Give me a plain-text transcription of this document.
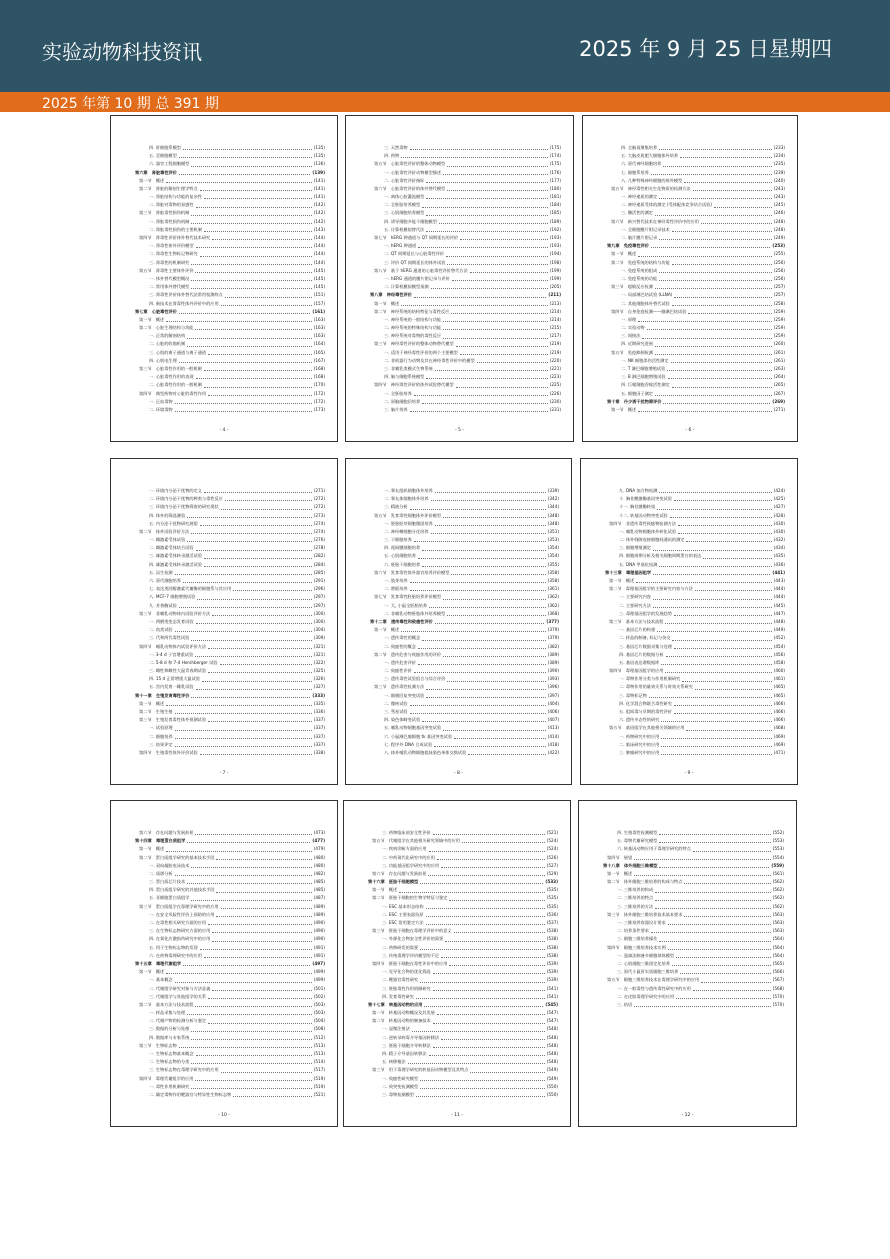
实验动物科技资讯	2025 年 9 月 25 日星期四
2025 年第 10 期 总 391 期
四. 肝细胞系模型	(135)
五. 至细胞模型	(135)
六. 器官工程细胞模型	(136)
第六章　肾脏毒性评价	(139)
第一节　概述	(141)
第二节　肾脏的解剖生理学特点	(141)
一. 肾脏结构与功能的复杂性	(141)
二. 肾脏对毒物的易感性	(142)
第三节　肾脏毒性损伤机制	(142)
一. 肾脏毒性损伤机制	(142)
二. 肾脏毒性损伤的主要机制	(143)
第四节　肾毒性评价体外替代技术研究	(144)
一. 肾毒性体外评价模型	(144)
二. 肾毒性生物标记物研究	(144)
三. 肾毒性的机制研究	(144)
第五节　肾毒性主要体外评价	(145)
一. 体外替代模型概况	(145)
二. 常用体外替代模型	(145)
三. 肾毒性评价体外替代法常用检测终点	(151)
四. 新技术在肾毒性体外评价中的应用	(157)
第七章　心脏毒性评价	(161)
第一节　概述	(163)
第二节　心脏生理结构与功能	(163)
一. 正常的解剖结构	(163)
二. 心脏的收缩机制	(164)
三. 心肌的离子通道与离子通道	(165)
四. 心肌电生理	(167)
第三节　心脏毒性作用的一般机制	(168)
一. 心脏毒性作用的表现	(168)
二. 心脏毒性作用的一般机制	(170)
第四节　典型药物对心脏的毒性作用	(172)
一. 正血毒物	(172)
二. 环境毒物	(173)
- 4 -
三. 天然毒物	(175)
四. 药物	(174)
第五节　心脏毒性评价的整体动物模型	(175)
一. 心脏毒性评价动物模型描述	(176)
二. 心脏毒性评价指标	(177)
第六节　心脏毒性评价的体外替代模型	(180)
一. 离体心脏灌流模型	(181)
二. 全胚胎培养模型	(184)
三. 心肌细胞培养模型	(185)
四. 诱导细胞多能干细胞模型	(189)
五. 计算机模拟替代法	(192)
第七节　hERG 钾通道与 QT 间期延长的评价	(193)
一. hERG 钾通道	(193)
二. QT 间期延长与心脏毒性评价	(194)
三. 评价 QT 间期延长的体外试验	(198)
第八节　基于 hERG 通道的心脏毒性评价替代方法	(199)
一. hERG 通道的膜片钳记录与评价	(199)
二. 计算机模拟模型预测	(205)
第八章　神经毒性评价	(211)
第一节　概述	(213)
第二节　神经系统的结构特征与毒性反应	(214)
一. 神经系统的一般结构与功能	(214)
二. 神经系统的特殊结构与功能	(215)
三. 神经系统对毒物的毒性反应	(217)
第三节　神经毒性评价的整体动物替代模型	(219)
一. 适用于神经毒性评价的两个主要模型	(219)
二. 非机器行为动物及其在神经毒性评价中的模型	(220)
三. 非哺乳类模式生物系统	(221)
四. 脑与细胞系统模型	(223)
第四节　神经毒性评价的体外试验替代模型	(225)
一. 全胚胎培养	(226)
二. 原脑细胞层培养	(230)
三. 脑片培养	(231)
- 5 -
四. 全脑再聚集培养	(233)
五. 大脑皮质肥大细胞体外培养	(234)
六. 原代神经细胞培养	(235)
七. 细胞系培养	(239)
八. 几种特殊神经细胞的体外模型	(240)
第五节　神经毒性相关生化物质的检测方法	(243)
一. 神经递质的测定	(243)
二. 神经递质受体的测定 (受体配体竞争结合试验)	(245)
三. 酶活性的测定	(246)
第六节　新兴替代技术在神经毒性评价中的应用	(248)
一. 全细胞膜片钳记录技术	(248)
二. 脑片膜片钳记录	(249)
第九章　免疫毒性评价	(253)
第一节　概述	(255)
第二节　免疫系统的结构与功能	(256)
一. 免疫系统的组成	(256)
二. 免疫系统的功能	(256)
第三节　超敏反应检测	(257)
一. 局部淋巴结试验 (LLNA)	(257)
二. 其他细胞体外替代试验	(258)
第四节　自身免疫检测——腘淋巴结试验	(259)
一. 原理	(259)
二. 实验动物	(259)
三. 间接法	(259)
四. 近期研究进展	(260)
第五节　免疫抑制检测	(261)
一. NK 细胞杀伤活性测定	(261)
二. T 淋巴细胞增殖试验	(263)
三. B 淋巴细胞增殖试验	(264)
四. 巨噬细胞吞噬活性测定	(265)
五. 细胞因子测定	(267)
第十章　丹少诱干扰物筛评价	(269)
第一节　概述	(271)
- 6 -
一. 环境内分泌干扰物的定义	(271)
二. 环境内分泌干扰物的种类与毒性反应	(272)
三. 环境内分泌干扰物筛查的研究现状	(272)
四. 体外的筛选测验	(273)
五. 内分泌干扰物研究展望	(274)
第二节　体外试验评价方法	(274)
一. 雌激素受体试验	(276)
二. 雌激素受体结合试验	(278)
三. 雄激素受体转录激活试验	(282)
四. 雄激素受体转录激活试验	(284)
五. 甾生检测	(285)
六. 原代细胞培养	(291)
七. 表达类固醇激素代谢酶的细胞系与其应用	(296)
八. MCF-7 细胞增殖试验	(297)
九. 芳香酶试验	(297)
第三节　非哺乳动物体内试验评价方法	(300)
一. 两栖类变态发育试验	(300)
二. 鱼类试验	(304)
三. 代和两代毒性试验	(309)
第四节　哺乳动物体内试验评价方法	(321)
一. 3-4 d 子宫增重试验	(321)
二. 5-8 d 和 7-4 Hershberger 试验	(322)
三. 雌性和雌性大鼠青春期试验	(325)
四. 15 d 正常增重大鼠试验	(326)
五. 宫内发育一雌乳试验	(327)
第十一章　生殖发育毒性评价	(333)
第一节　概述	(335)
第二节　生殖生殖	(336)
第三节　生殖发育毒性体外预测试验	(337)
一. 试验原理	(337)
二. 细胞培养	(337)
三. 结果评定	(337)
第四节　生殖毒性体外评价试验	(338)
- 7 -
一. 睾丸组织细胞体外培养	(339)
二. 睾丸体细胞体外培养	(342)
三. 精液分析	(344)
第五节　发育毒性细胞体外评价模型	(348)
一. 胚胎胚芽细胞微团培养	(348)
二. 神经嵴细胞分化培养	(351)
三. 干细胞培养	(353)
四. 视网膜细胞培养	(354)
五. 心肌细胞培养	(354)
六. 胚胎干细胞培养	(355)
第六节　发育毒性体外器官培养评价模型	(358)
一. 肢芽培养	(358)
二. 腭板培养	(361)
第七节　发育毒性胚胎培养评价模型	(362)
一. 大, 小鼠全胚胎培养	(362)
二. 非哺乳动物胚胎体外培养模型	(368)
第十二章　遗传毒性和致癌性评价	(377)
第一节　概述	(379)
一. 遗传毒性的概念	(379)
二. 致癌性的概念	(382)
第二节　遗传危害与致癌作用的评价	(389)
一. 遗传危害评价	(389)
二. 致癌性评价	(390)
三. 遗传毒性试验组合与综合评价	(393)
第三节　遗传毒性检测方法	(396)
一. 细菌回复突变试验	(397)
二. 微核试验	(404)
三. 彗星试验	(406)
四. 染色体畸变试验	(407)
五. 哺乳动物细胞基因突变试验	(413)
六. 小鼠淋巴瘤细胞 tk 基因突变试验	(414)
七. 程序外 DNA 合成试验	(418)
八. 体外哺乳动物细胞姐妹染色单体交换试验	(422)
- 8 -
九. DNA 加合物检测	(424)
十. 胸苷酸激酶基因突变试验	(425)
十一. 胸苷激酶转染	(427)
十二. 转基因动物突变试验	(428)
第四节　非遗传毒性致癌物检测方法	(430)
一. 哺乳动物细胞体外转化试验	(430)
二. 体外缝隙连接细胞间通讯的测定	(432)
三. 细胞增殖测定	(434)
四. 细胞周期分析及相关细胞周期蛋白的表达	(435)
五. DNA 甲基化检测	(436)
第十三章　毒理基因组学	(441)
第一节　概述	(443)
第二节　毒理基因组学的主要研究内容与方法	(444)
一. 主要研究内容	(444)
二. 主要研究方法	(445)
三. 毒理基因组学的发展趋势	(447)
第三节　基本方法与技术流程	(448)
一. 基因芯片的构建	(449)
二. 样品的制备, 标记与杂交	(452)
三. 基因芯片数据采集与处理	(454)
四. 基因芯片的数据分析	(456)
五. 基因表达谱数据库	(458)
第四节　毒理基因组学的应用	(460)
一. 毒物作用分类与作用机制研究	(461)
二. 毒物作用的量效关系与时效关系研究	(465)
三. 毒物标记物	(465)
四. 化学混合物联合毒性研究	(466)
五. 组间毒与早期的毒性评价	(466)
六. 遗传多态性的研究	(466)
第五节　基因组学在其他相关领域的应用	(468)
一. 药物研究中的应用	(469)
二. 临床研究中的应用	(469)
三. 肿瘤研究中的应用	(471)
- 9 -
第六节　存在问题与发展前景	(473)
第十四章　毒理蛋白质组学	(477)
第一节　概述	(479)
第二节　蛋白质组学研究的基本技术手段	(480)
一. 双向凝胶电泳技术	(480)
二. 质谱分析	(482)
三. 蛋白质芯片技术	(485)
四. 蛋白质组学研究的其他技术手段	(485)
五. 亚细胞蛋白质组学	(487)
第三节　蛋白质组学在毒理学研究中的应用	(489)
一. 在安全风险性评价上预防的应用	(489)
二. 在毒性相关研究方面的应用	(490)
三. 在生物标志物研究方面的应用	(490)
四. 在氧化应激损伤研究中的应用	(490)
五. 用于生物标志物的发现	(491)
六. 在药物毒理研究中的应用	(491)
第十五章　毒理代谢组学	(497)
第一节　概述	(499)
一. 基本概念	(499)
二. 代谢组学研究对象与方法意義	(501)
三. 代谢组学与其他组学的关系	(502)
第二节　基本方法与技术流程	(503)
一. 样品采集与处理	(503)
二. 代谢产物的检测分析与鉴定	(504)
三. 数据的分析与处理	(508)
四. 数据库与专家系统	(512)
第三节　生物标志物	(513)
一. 生物标志物基本概念	(513)
二. 生物标志物的分类	(514)
三. 生物标志物在毒理学研究中的应用	(517)
第四节　毒理代谢组学的应用	(519)
一. 毒性作用机制研究	(519)
二. 确定毒物作用靶器官与特异性生物标志物	(521)
- 10 -
三. 药物临床前安全性评价	(521)
第五节　代谢组学在其他相关研究领域中的应用	(524)
一. 疾病诊断方面的应用	(524)
二. 中药现代化研究中的应用	(526)
三. 功能基因组学研究中的应用	(527)
第六节　存在问题与发展前景	(529)
第十六章　胚胎干细胞模型	(533)
第一节　概述	(535)
第二节　胚胎干细胞的生物学特征与鉴定	(535)
一. ESC 基本形态结构	(535)
二. ESC 主要表面抗原	(536)
三. ESC 常用鉴定方法	(537)
第三节　胚胎干细胞在毒理学评价中的意义	(538)
一. 外源化合物安全性评价的需要	(538)
二. 药物研发的需要	(538)
三. 传统毒理学评价模型的不足	(538)
第四节　胚胎干细胞在毒性评价中的应用	(539)
一. 先导化合物的优化筛选	(539)
二. 靶器官毒性研究	(539)
三. 胚胎毒性作用机制研究	(541)
四. 发育毒性研究	(541)
第十七章　转基因动物的应用	(545)
第一节　转基因动物概况及其发展	(547)
第二节　转基因动物的制备技术	(547)
一. 显微注射法	(548)
二. 逆转录病毒介导基因转移法	(548)
三. 胚胎干细胞介导转移法	(548)
四. 精子介导基因转移法	(548)
五. 核移植法	(548)
第三节　用于毒理学研究的转基因动物模型及其特点	(549)
一. 致癌性研究模型	(549)
二. 致突变检测模型	(550)
三. 毒物检测模型	(550)
- 11 -
四. 生殖毒性检测模型	(552)
五. 毒物代谢研究模型	(553)
六. 转基因动物应用于毒理学研究的特点	(553)
第四节　展望	(554)
第十八章　体外细胞三维模型	(559)
第一节　概述	(561)
第二节　体外细胞三维培养的构成与特点	(562)
一. 三维培养的构成	(562)
二. 三维培养的特点	(562)
三. 三维培养的方法	(562)
第三节　体外细胞三维培养技术基本要求	(563)
一. 三维培养容器设计要求	(563)
二. 培养条件要求	(563)
三. 细胞三维培养操作	(564)
第四节　细胞三维培养技术实例	(564)
一. 悬滴法制备多细胞球体模型	(564)
二. 心肌细胞三维固定化培养	(565)
三. 原代小鼠肝实质细胞三维培养	(566)
第五节　细胞三维培养技术在毒理学研究中的应用	(567)
一. 在一般毒性与遗传毒性研究中的应用	(568)
二. 在皮肤毒理学研究中的应用	(570)
三. 结语	(570)
- 12 -
